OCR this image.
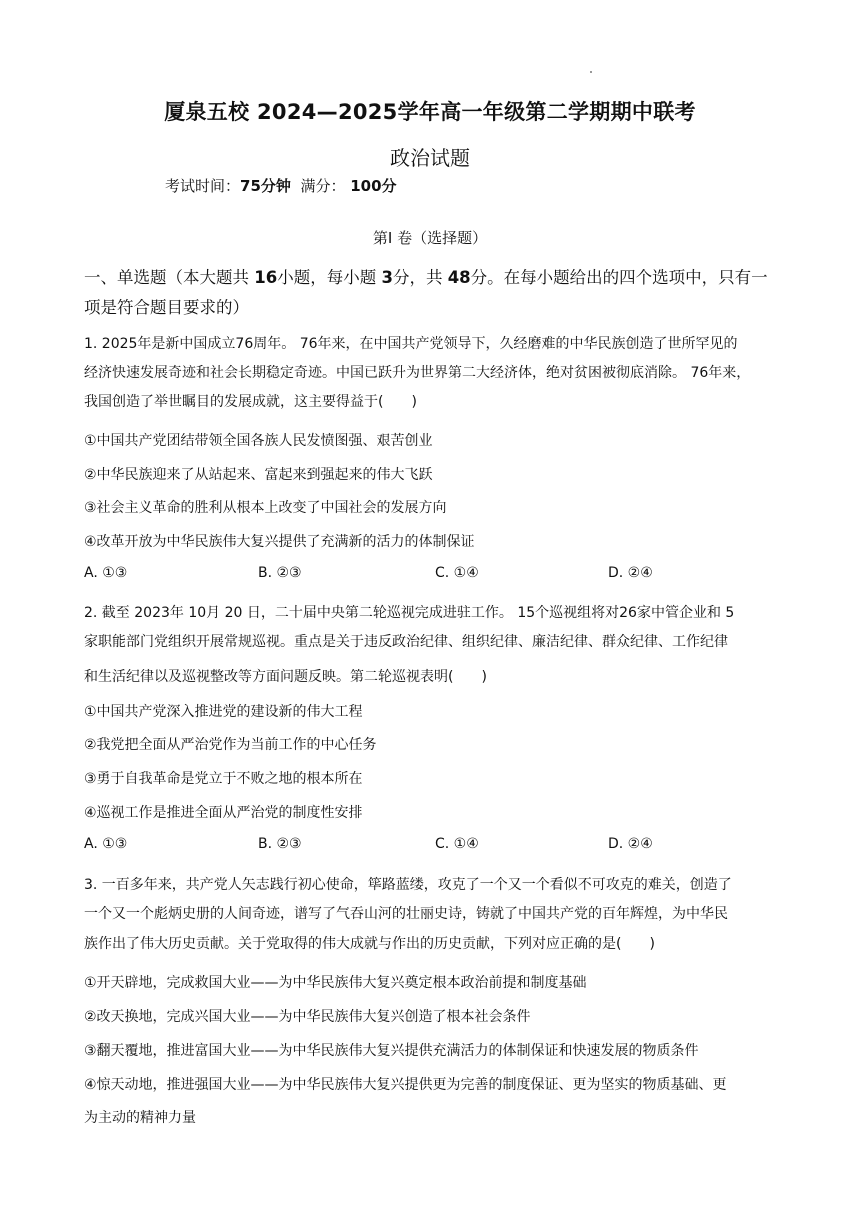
厦泉五校 2024—2025学年高一年级第二学期期中联考
政治试题
考试时间：75分钟 满分： 100分
第Ⅰ 卷（选择题）
一、单选题（本大题共 16小题，每小题 3分，共 48分。在每小题给出的四个选项中，只有一项是符合题目要求的）
1. 2025年是新中国成立76周年。 76年来，在中国共产党领导下，久经磨难的中华民族创造了世所罕见的
经济快速发展奇迹和社会长期稳定奇迹。中国已跃升为世界第二大经济体，绝对贫困被彻底消除。 76年来，
我国创造了举世瞩目的发展成就，这主要得益于(　　)
①中国共产党团结带领全国各族人民发愤图强、艰苦创业
②中华民族迎来了从站起来、富起来到强起来的伟大飞跃
③社会主义革命的胜利从根本上改变了中国社会的发展方向
④改革开放为中华民族伟大复兴提供了充满新的活力的体制保证
A. ①③	B. ②③	C. ①④	D. ②④
2. 截至 2023年 10月 20 日，二十届中央第二轮巡视完成进驻工作。 15个巡视组将对26家中管企业和 5
家职能部门党组织开展常规巡视。重点是关于违反政治纪律、组织纪律、廉洁纪律、群众纪律、工作纪律
和生活纪律以及巡视整改等方面问题反映。第二轮巡视表明(　　)
①中国共产党深入推进党的建设新的伟大工程
②我党把全面从严治党作为当前工作的中心任务
③勇于自我革命是党立于不败之地的根本所在
④巡视工作是推进全面从严治党的制度性安排
A. ①③	B. ②③	C. ①④	D. ②④
3. 一百多年来，共产党人矢志践行初心使命，筚路蓝缕，攻克了一个又一个看似不可攻克的难关，创造了
一个又一个彪炳史册的人间奇迹，谱写了气吞山河的壮丽史诗，铸就了中国共产党的百年辉煌，为中华民
族作出了伟大历史贡献。关于党取得的伟大成就与作出的历史贡献，下列对应正确的是(　　)
①开天辟地，完成救国大业——为中华民族伟大复兴奠定根本政治前提和制度基础
②改天换地，完成兴国大业——为中华民族伟大复兴创造了根本社会条件
③翻天覆地，推进富国大业——为中华民族伟大复兴提供充满活力的体制保证和快速发展的物质条件
④惊天动地，推进强国大业——为中华民族伟大复兴提供更为完善的制度保证、更为坚实的物质基础、更
为主动的精神力量
